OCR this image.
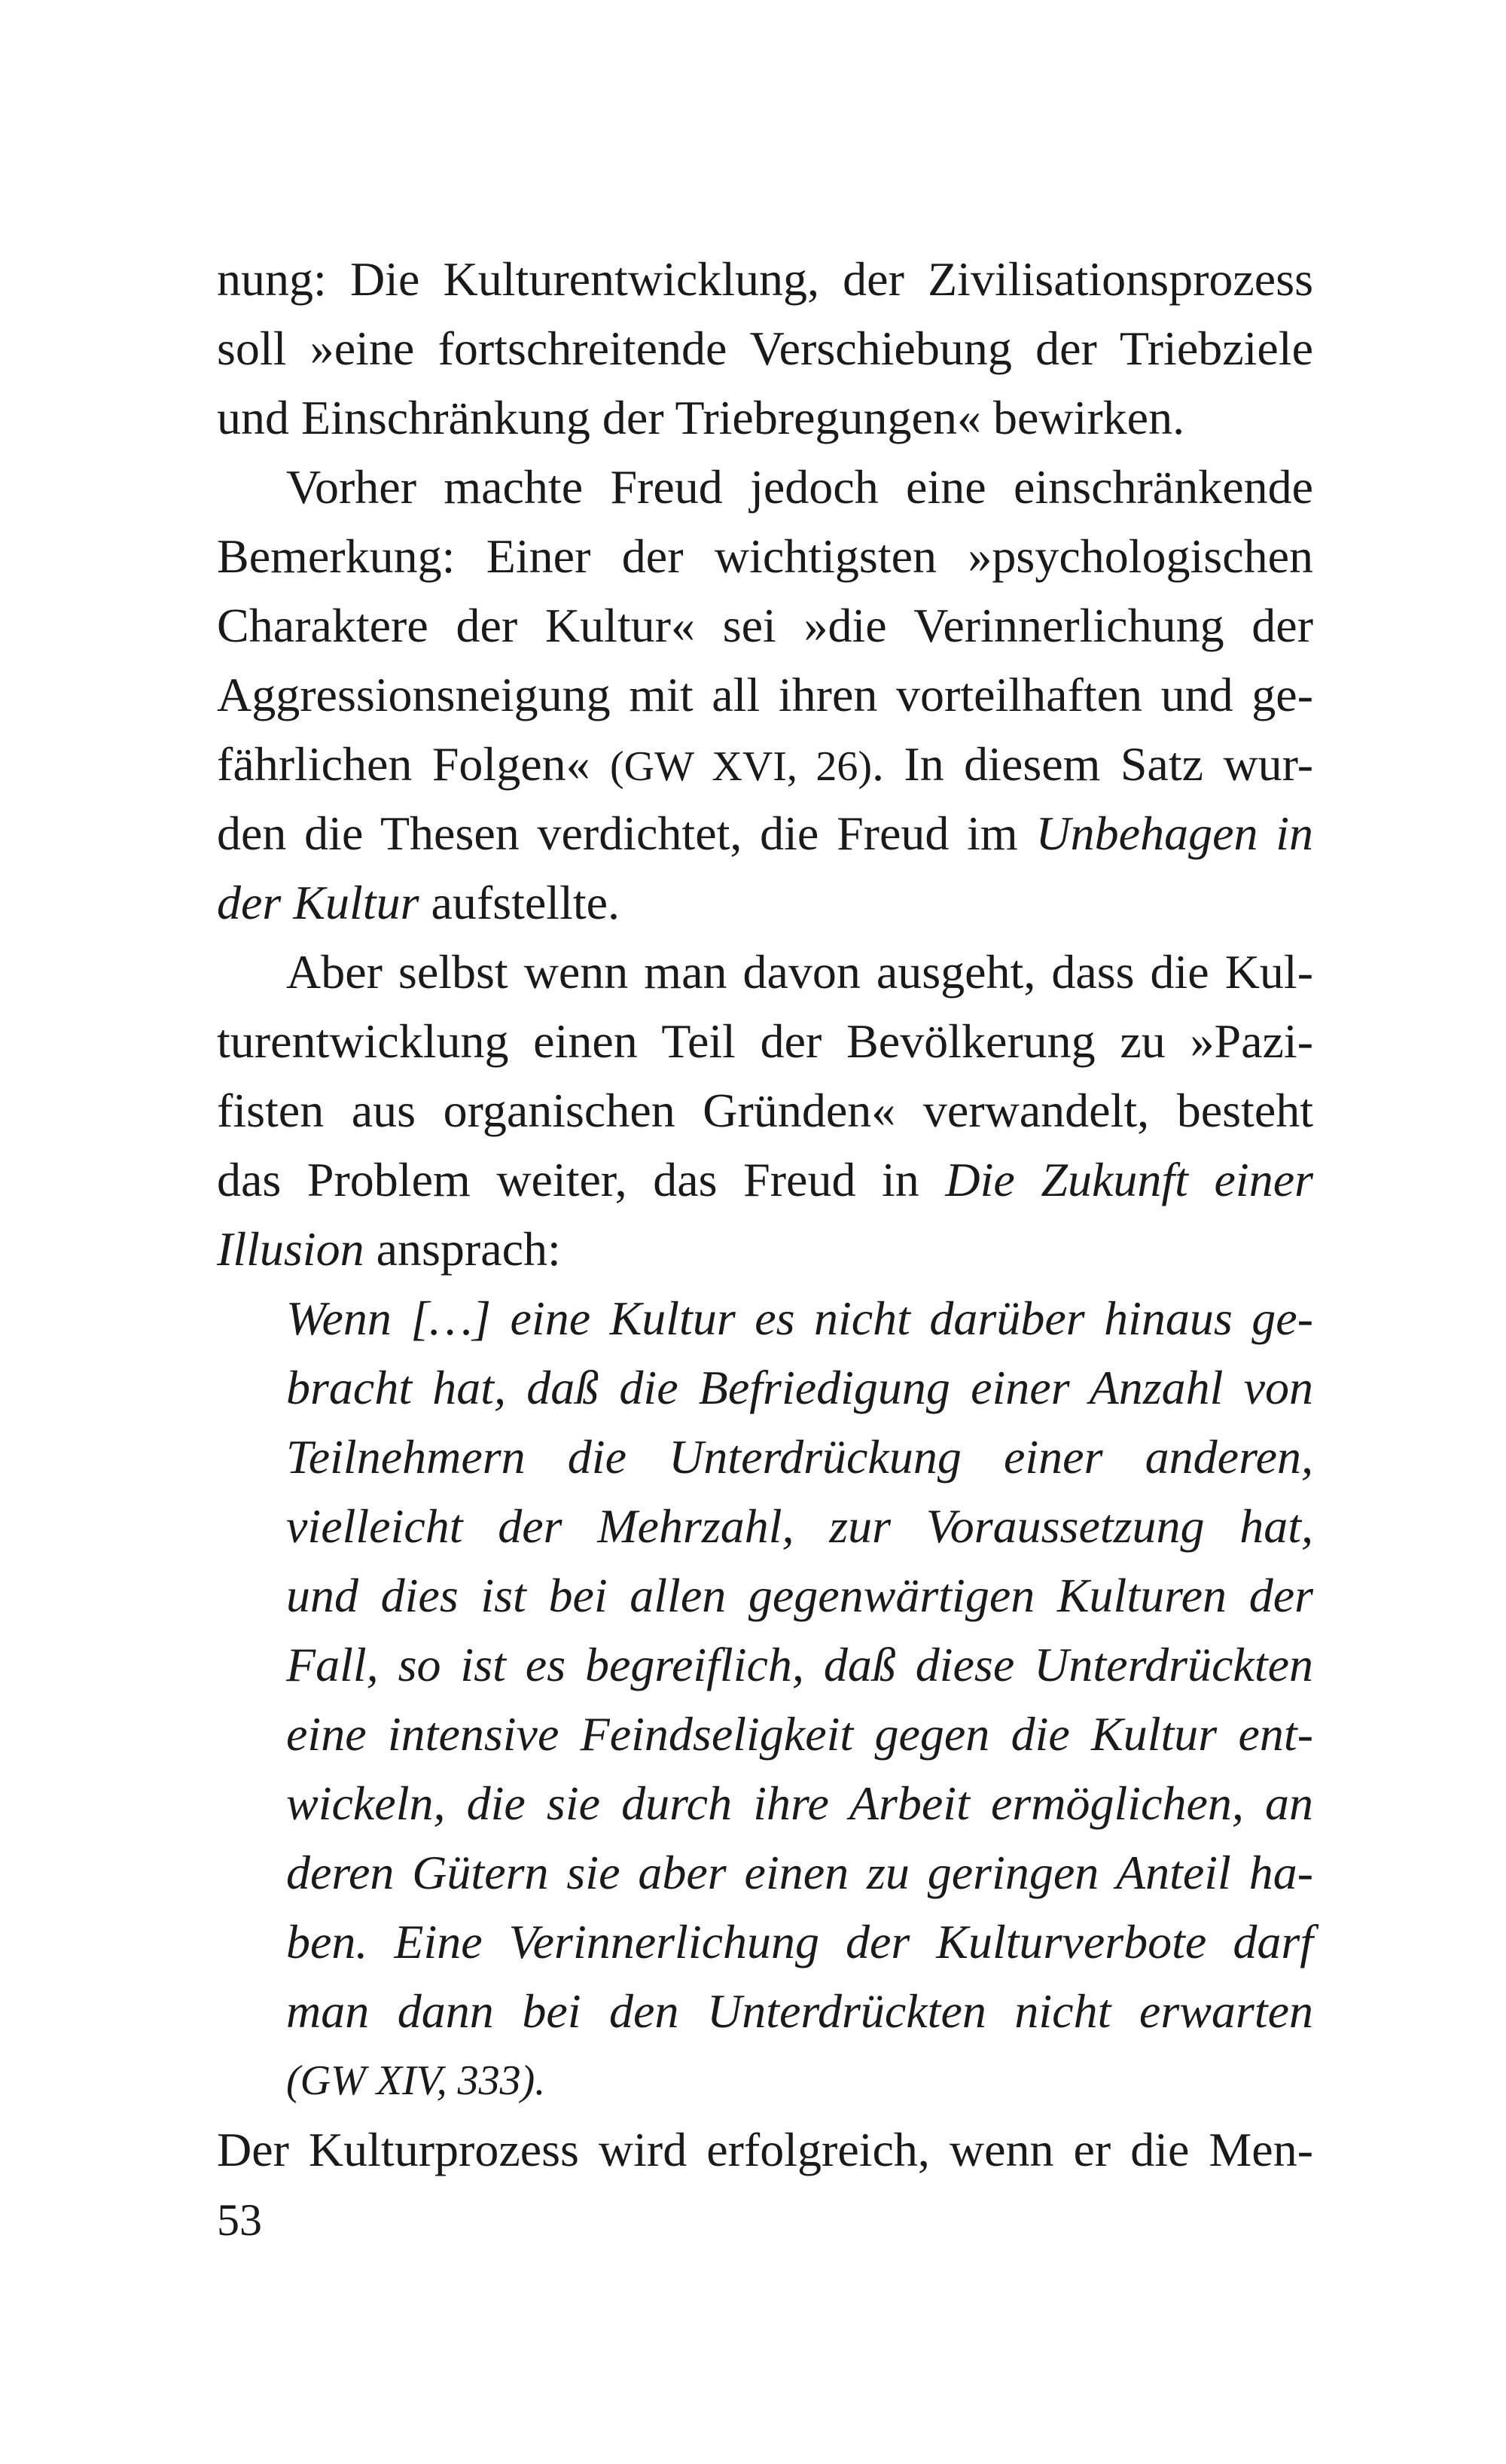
nung: Die Kulturentwicklung, der Zivilisationsprozess
soll »eine fortschreitende Verschiebung der Triebziele
und Einschränkung der Triebregungen« bewirken.
Vorher machte Freud jedoch eine einschränkende
Bemerkung: Einer der wichtigsten »psychologischen
Charaktere der Kultur« sei »die Verinnerlichung der
Aggressionsneigung mit all ihren vorteilhaften und ge-
fährlichen Folgen« (GW XVI, 26). In diesem Satz wur-
den die Thesen verdichtet, die Freud im Unbehagen in
der Kultur aufstellte.
Aber selbst wenn man davon ausgeht, dass die Kul-
turentwicklung einen Teil der Bevölkerung zu »Pazi-
fisten aus organischen Gründen« verwandelt, besteht
das Problem weiter, das Freud in Die Zukunft einer
Illusion ansprach:
Wenn […] eine Kultur es nicht darüber hinaus ge-
bracht hat, daß die Befriedigung einer Anzahl von
Teilnehmern die Unterdrückung einer anderen,
vielleicht der Mehrzahl, zur Voraussetzung hat,
und dies ist bei allen gegenwärtigen Kulturen der
Fall, so ist es begreiflich, daß diese Unterdrückten
eine intensive Feindseligkeit gegen die Kultur ent-
wickeln, die sie durch ihre Arbeit ermöglichen, an
deren Gütern sie aber einen zu geringen Anteil ha-
ben. Eine Verinnerlichung der Kulturverbote darf
man dann bei den Unterdrückten nicht erwarten
(GW XIV, 333).
Der Kulturprozess wird erfolgreich, wenn er die Men-
53
